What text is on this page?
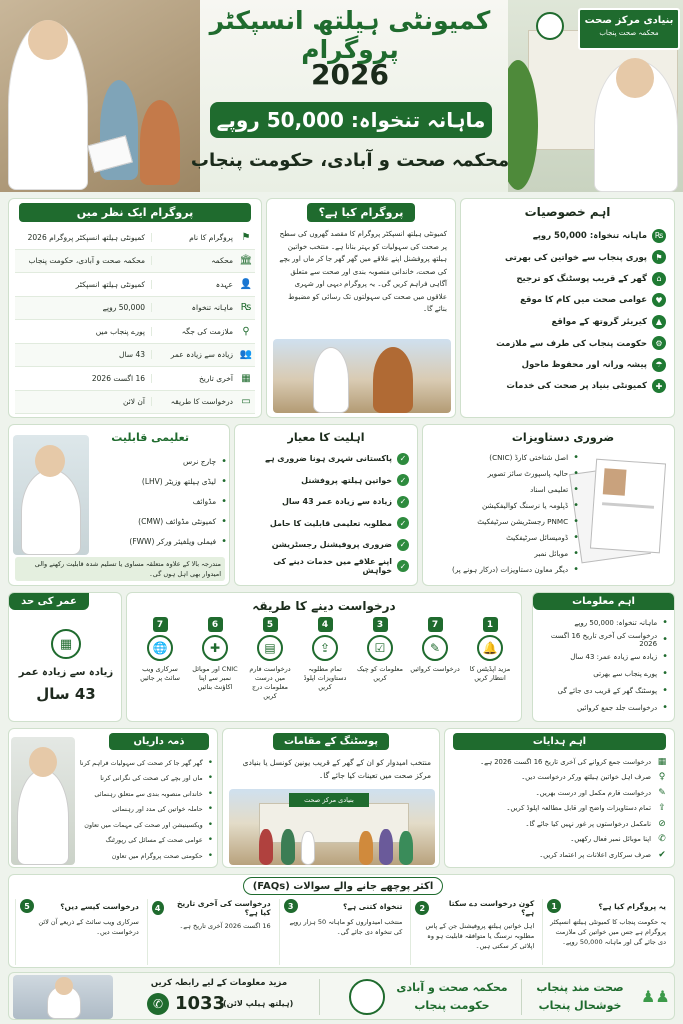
بنیادی مرکز صحت
محکمہ صحت پنجاب
کمیونٹی ہیلتھ انسپکٹر پروگرام
2026
ماہانہ تنخواہ: 50,000 روپے
محکمہ صحت و آبادی، حکومت پنجاب
پروگرام ایک نظر میں
⚑
پروگرام کا نام
کمیونٹی ہیلتھ انسپکٹر پروگرام 2026
🏛
محکمہ
محکمہ صحت و آبادی، حکومت پنجاب
👤
عہدہ
کمیونٹی ہیلتھ انسپکٹر
₨
ماہانہ تنخواہ
50,000 روپے
⚲
ملازمت کی جگہ
پورے پنجاب میں
👥
زیادہ سے زیادہ عمر
43 سال
▦
آخری تاریخ
16 اگست 2026
▭
درخواست کا طریقہ
آن لائن
پروگرام کیا ہے؟
کمیونٹی ہیلتھ انسپکٹر پروگرام کا مقصد گھروں کی سطح پر صحت کی سہولیات کو بہتر بنانا ہے۔ منتخب خواتین ہیلتھ پروفشنل اپنے علاقے میں گھر گھر جا کر ماں اور بچے کی صحت، خاندانی منصوبہ بندی اور صحت سے متعلق آگاہی فراہم کریں گی۔ یہ پروگرام دیہی اور شہری علاقوں میں صحت کی سہولتوں تک رسائی کو مضبوط بنائے گا۔
اہم خصوصیات
₨
ماہانہ تنخواہ: 50,000 روپے
⚑
پوری پنجاب سے خواتین کی بھرتی
⌂
گھر کے قریب پوسٹنگ کو ترجیح
♥
عوامی صحت میں کام کا موقع
▲
کیریئر گروتھ کے مواقع
⚙
حکومت پنجاب کی طرف سے ملازمت
☂
پیشہ ورانہ اور محفوظ ماحول
✚
کمیونٹی بنیاد پر صحت کی خدمات
تعلیمی قابلیت
•
چارج نرس
•
لیڈی ہیلتھ وزیٹر (LHV)
•
مڈوائف
•
کمیونٹی مڈوائف (CMW)
•
فیملی ویلفیئر ورکر (FWW)
مندرجہ بالا کے علاوہ متعلقہ مساوی یا تسلیم شدہ قابلیت رکھنے والی امیدوار بھی اہل ہوں گی۔
اہلیت کا معیار
✓
پاکستانی شہری ہونا ضروری ہے
✓
خواتین ہیلتھ پروفشنل
✓
زیادہ سے زیادہ عمر 43 سال
✓
مطلوبہ تعلیمی قابلیت کا حامل
✓
ضروری پروفیشنل رجسٹریشن
✓
اپنے علاقے میں خدمات دینے کی خواہش
ضروری دستاویزات
•
اصل شناختی کارڈ (CNIC)
•
حالیہ پاسپورٹ سائز تصویر
•
تعلیمی اسناد
•
ڈپلومہ یا نرسنگ کوالیفکیشن
•
PNMC رجسٹریشن سرٹیفکیٹ
•
ڈومیسائل سرٹیفکیٹ
•
موبائل نمبر
•
دیگر معاون دستاویزات (درکار ہونے پر)
عمر کی حد
▦
زیادہ سے زیادہ عمر
43 سال
درخواست دینے کا طریقہ
1
🔔
مزید اپڈیٹس کا انتظار کریں
7
✎
درخواست کروائیں
3
☑
معلومات کو چیک کریں
4
⇪
تمام مطلوبہ دستاویزات اپلوڈ کریں
5
▤
درخواست فارم میں درست معلومات درج کریں
6
✚
CNIC اور موبائل نمبر سے اپنا اکاؤنٹ بنائیں
7
🌐
سرکاری ویب سائٹ پر جائیں
اہم معلومات
•
ماہانہ تنخواہ: 50,000 روپے
•
درخواست کی آخری تاریخ 16 اگست 2026
•
زیادہ سے زیادہ عمر: 43 سال
•
پورے پنجاب سے بھرتی
•
پوسٹنگ گھر کے قریب دی جائے گی
•
درخواست جلد جمع کروائیں
ذمہ داریاں
•
گھر گھر جا کر صحت کی سہولیات فراہم کرنا
•
ماں اور بچے کی صحت کی نگرانی کرنا
•
خاندانی منصوبہ بندی سے متعلق رہنمائی
•
حاملہ خواتین کی مدد اور رہنمائی
•
ویکسینیشن اور صحت کی مہمات میں تعاون
•
عوامی صحت کے مسائل کی رپورٹنگ
•
حکومتی صحت پروگرام میں تعاون
پوسٹنگ کے مقامات
منتخب امیدوار کو ان کے گھر کے قریب یونین کونسل یا بنیادی مرکز صحت میں تعینات کیا جائے گا۔
بنیادی مرکز صحت
اہم ہدایات
▦
درخواست جمع کروانے کی آخری تاریخ 16 اگست 2026 ہے۔
♀
صرف اہل خواتین ہیلتھ ورکر درخواست دیں۔
✎
درخواست فارم مکمل اور درست بھریں۔
⇪
تمام دستاویزات واضح اور قابل مطالعہ اپلوڈ کریں۔
⊘
نامکمل درخواستوں پر غور نہیں کیا جائے گا۔
✆
اپنا موبائل نمبر فعال رکھیں۔
✔
صرف سرکاری اعلانات پر اعتماد کریں۔
اکثر پوچھے جانے والے سوالات (FAQs)
یہ پروگرام کیا ہے؟
1
یہ حکومت پنجاب کا کمیونٹی ہیلتھ انسپکٹر پروگرام ہے جس میں خواتین کی ملازمت دی جائے گی اور ماہانہ 50,000 روپے۔
کون درخواست دے سکتا ہے؟
2
اہل خواتین ہیلتھ پروفیشنل جن کے پاس مطلوبہ نرسنگ یا متوافقہ قابلیت ہو وہ اپلائی کر سکتی ہیں۔
تنخواہ کتنی ہے؟
3
منتخب امیدواروں کو ماہانہ 50 ہزار روپے کی تنخواہ دی جائے گی۔
درخواست کی آخری تاریخ کیا ہے؟
4
16 اگست 2026 آخری تاریخ ہے۔
درخواست کیسے دیں؟
5
سرکاری ویب سائٹ کے ذریعے آن لائن درخواست دیں۔
مزید معلومات کے لیے رابطہ کریں
✆ 1033
(ہیلتھ ہیلپ لائن)
محکمہ صحت و آبادی
حکومت پنجاب
صحت مند پنجاب
خوشحال پنجاب	♟♟
